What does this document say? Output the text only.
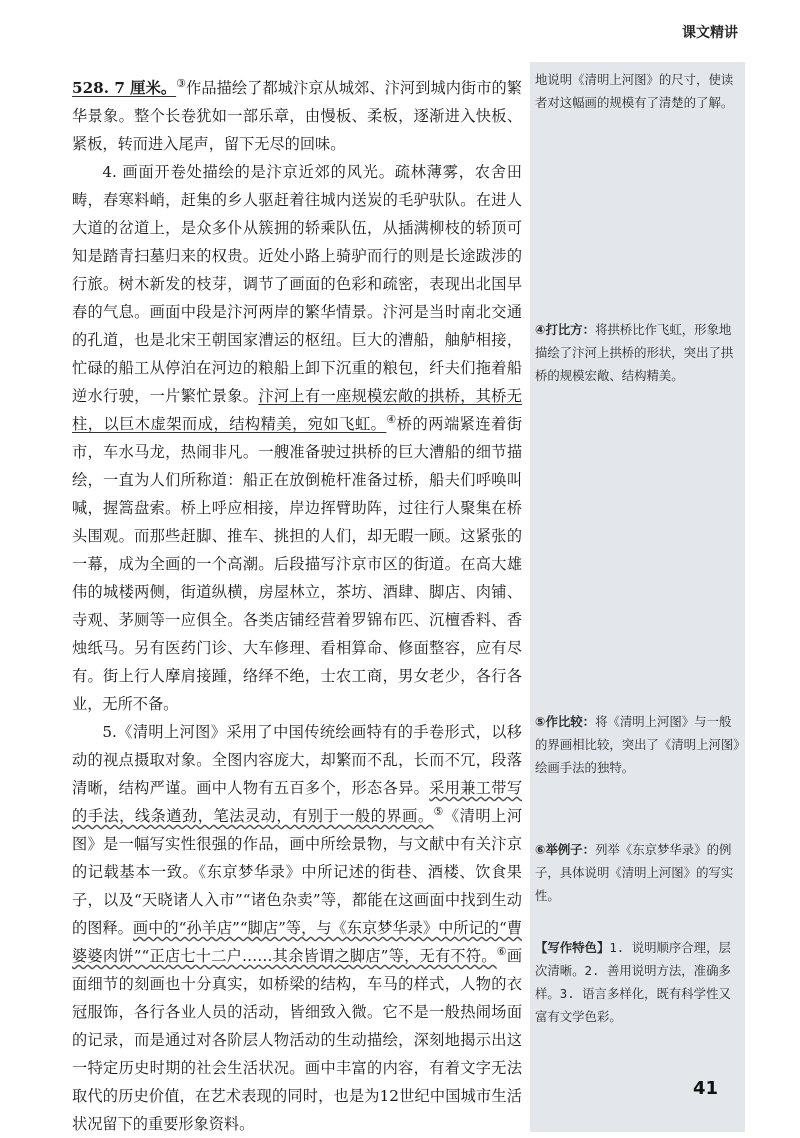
课文精讲

528. 7 厘米。③作品描绘了都城汴京从城郊、汴河到城内街市的繁华景象。整个长卷犹如一部乐章，由慢板、柔板，逐渐进入快板、紧板，转而进入尾声，留下无尽的回味。

4. 画面开卷处描绘的是汴京近郊的风光。疏林薄雾，农舍田畴，春寒料峭，赶集的乡人驱赶着往城内送炭的毛驴驮队。在进人大道的岔道上，是众多仆从簇拥的轿乘队伍，从插满柳枝的轿顶可知是踏青扫墓归来的权贵。近处小路上骑驴而行的则是长途跋涉的行旅。树木新发的枝芽，调节了画面的色彩和疏密，表现出北国早春的气息。画面中段是汴河两岸的繁华情景。汴河是当时南北交通的孔道，也是北宋王朝国家漕运的枢纽。巨大的漕船，舳舻相接，忙碌的船工从停泊在河边的粮船上卸下沉重的粮包，纤夫们拖着船逆水行驶，一片繁忙景象。汴河上有一座规模宏敞的拱桥，其桥无柱，以巨木虚架而成，结构精美，宛如飞虹。④桥的两端紧连着街市，车水马龙，热闹非凡。一艘准备驶过拱桥的巨大漕船的细节描绘，一直为人们所称道：船正在放倒桅杆准备过桥，船夫们呼唤叫喊，握篙盘索。桥上呼应相接，岸边挥臂助阵，过往行人聚集在桥头围观。而那些赶脚、推车、挑担的人们，却无暇一顾。这紧张的一幕，成为全画的一个高潮。后段描写汴京市区的街道。在高大雄伟的城楼两侧，街道纵横，房屋林立，茶坊、酒肆、脚店、肉铺、寺观、茅厕等一应俱全。各类店铺经营着罗锦布匹、沉檀香料、香烛纸马。另有医药门诊、大车修理、看相算命、修面整容，应有尽有。街上行人摩肩接踵，络绎不绝，士农工商，男女老少，各行各业，无所不备。

5.《清明上河图》采用了中国传统绘画特有的手卷形式，以移动的视点摄取对象。全图内容庞大，却繁而不乱，长而不冗，段落清晰，结构严谨。画中人物有五百多个，形态各异。采用兼工带写的手法，线条遒劲，笔法灵动，有别于一般的界画。⑤《清明上河图》是一幅写实性很强的作品，画中所绘景物，与文献中有关汴京的记载基本一致。《东京梦华录》中所记述的街巷、酒楼、饮食果子，以及“天晓诸人入市”“诸色杂卖”等，都能在这画面中找到生动的图释。画中的“孙羊店”“脚店”等，与《东京梦华录》中所记的“曹婆婆肉饼”“正店七十二户……其余皆谓之脚店”等，无有不符。⑥画面细节的刻画也十分真实，如桥梁的结构，车马的样式，人物的衣冠服饰，各行各业人员的活动，皆细致入微。它不是一般热闹场面的记录，而是通过对各阶层人物活动的生动描绘，深刻地揭示出这一特定历史时期的社会生活状况。画中丰富的内容，有着文字无法取代的历史价值，在艺术表现的同时，也是为12世纪中国城市生活状况留下的重要形象资料。

地说明《清明上河图》的尺寸，使读者对这幅画的规模有了清楚的了解。
④打比方：将拱桥比作飞虹，形象地描绘了汴河上拱桥的形状，突出了拱桥的规模宏敞、结构精美。
⑤作比较：将《清明上河图》与一般的界画相比较，突出了《清明上河图》绘画手法的独特。
⑥举例子：列举《东京梦华录》的例子，具体说明《清明上河图》的写实性。
【写作特色】1. 说明顺序合理，层次清晰。2. 善用说明方法，准确多样。3. 语言多样化，既有科学性又富有文学色彩。
41
